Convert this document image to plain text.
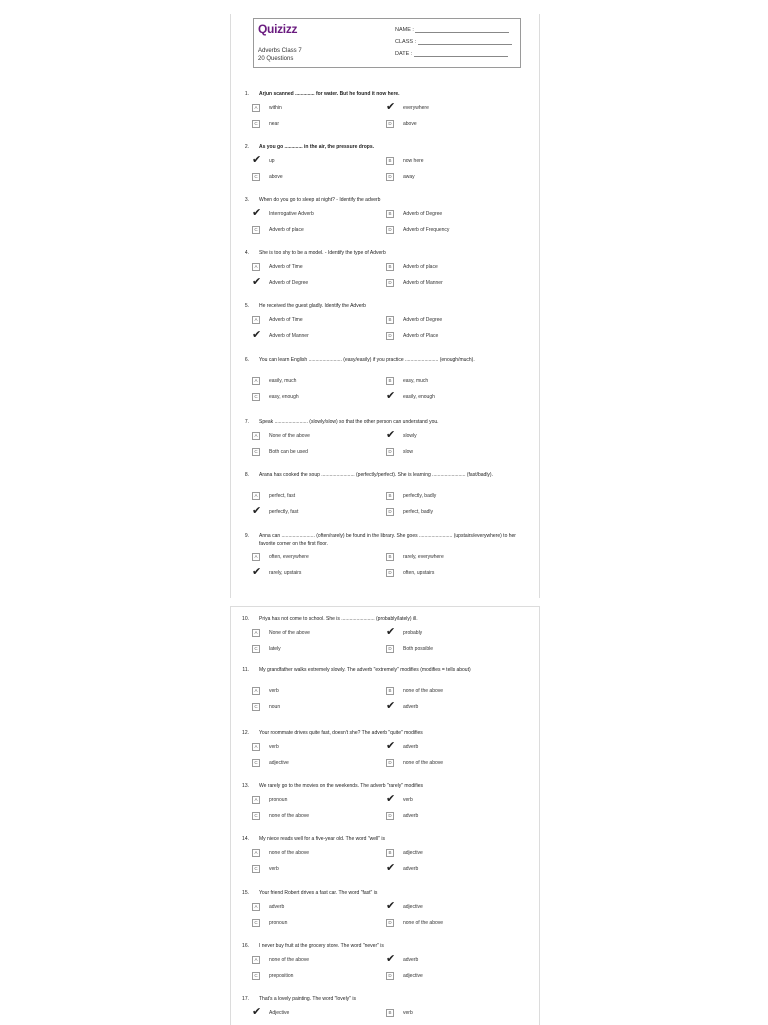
Quizizz
Adverbs Class 7
20 Questions
NAME :
CLASS :
DATE :
1. Arjun scanned .............. for water. But he found it now here.
A	within	✔ everywhere
C	near	D	above
2. As you go ............. in the air, the pressure drops.
✔ up	B	now here
C	above	D	away
3. When do you go to sleep at night? - Identify the adverb
✔ Interrogative Adverb	B	Adverb of Degree
C	Adverb of place	D	Adverb of Frequency
4. She is too shy to be a model. - Identify the type of Adverb
A	Adverb of Time	B	Adverb of place
✔ Adverb of Degree	D	Adverb of Manner
5. He received the guest gladly. Identify the Adverb
A	Adverb of Time	B	Adverb of Degree
✔ Adverb of Manner	D	Adverb of Place
6. You can learn English ........................ (easy/easily) if you practice ........................ (enough/much).
A	easily, much	B	easy, much
C	easy, enough	✔ easily, enough
7. Speak ........................ (slowly/slow) so that the other person can understand you.
A	None of the above	✔ slowly
C	Both can be used	D	slow
8. Arana has cooked the soup ........................ (perfectly/perfect). She is learning ........................ (fast/badly).
A	perfect, fast	B	perfectly, badly
✔ perfectly, fast	D	perfect, badly
9. Anna can ........................ (often/rarely) be found in the library. She goes ........................ (upstairs/everywhere) to her favorite corner on the first floor.
A	often, everywhere	B	rarely, everywhere
✔ rarely, upstairs	D	often, upstairs
10. Priya has not come to school. She is ........................ (probably/lately) ill.
A	None of the above	✔ probably
C	lately	D	Both possible
11. My grandfather walks extremely slowly. The adverb "extremely" modifies (modifies = tells about)
A	verb	B	none of the above
C	noun	✔ adverb
12. Your roommate drives quite fast, doesn't she? The adverb "quite" modifies
A	verb	✔ adverb
C	adjective	D	none of the above
13. We rarely go to the movies on the weekends. The adverb "rarely" modifies
A	pronoun	✔ verb
C	none of the above	D	adverb
14. My niece reads well for a five-year old. The word "well" is
A	none of the above	B	adjective
C	verb	✔ adverb
15. Your friend Robert drives a fast car. The word "fast" is
A	adverb	✔ adjective
C	pronoun	D	none of the above
16. I never buy fruit at the grocery store. The word "never" is
A	none of the above	✔ adverb
C	preposition	D	adjective
17. That's a lovely painting. The word "lovely" is
✔ Adjective	B	verb
